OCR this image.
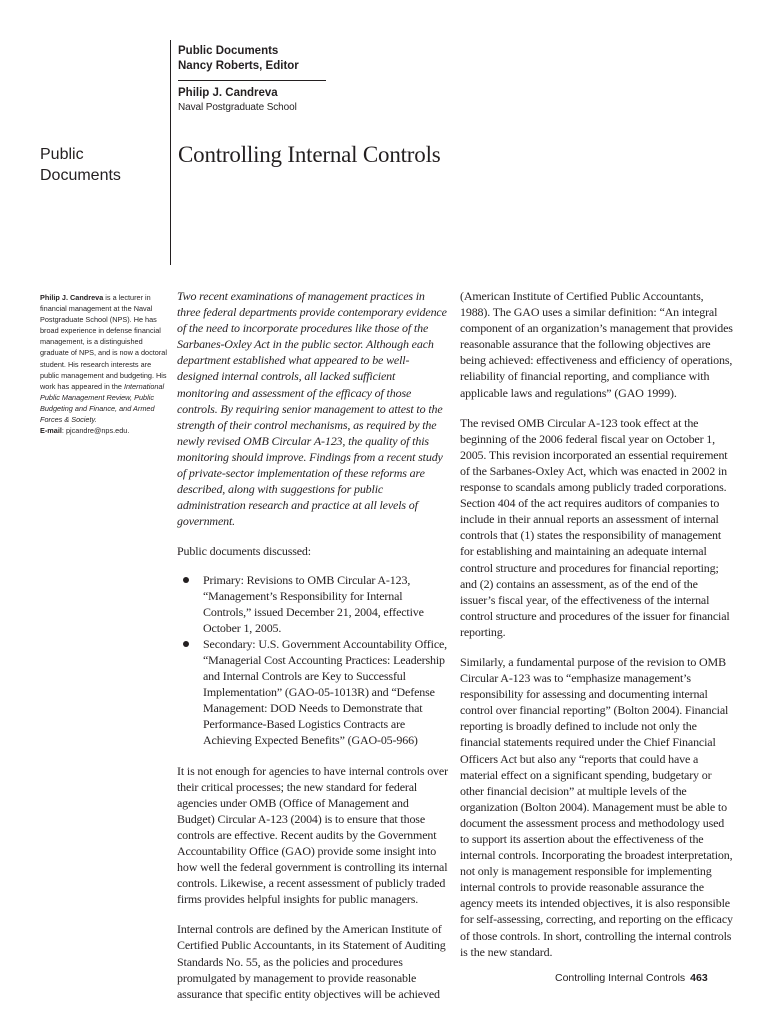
Public Documents

Nancy Roberts, Editor

Philip J. Candreva

Naval Postgraduate School

Public
Documents

Controlling Internal Controls

Philip J. Candreva is a lecturer in financial management at the Naval Postgraduate School (NPS). He has broad experience in defense financial management, is a distinguished graduate of NPS, and is now a doctoral student. His research interests are public management and budgeting. His work has appeared in the International Public Management Review, Public Budgeting and Finance, and Armed Forces & Society.
E-mail: pjcandre@nps.edu.

Two recent examinations of management practices in three federal departments provide contemporary evidence of the need to incorporate procedures like those of the Sarbanes-Oxley Act in the public sector. Although each department established what appeared to be well-designed internal controls, all lacked sufficient monitoring and assessment of the efficacy of those controls. By requiring senior management to attest to the strength of their control mechanisms, as required by the newly revised OMB Circular A-123, the quality of this monitoring should improve. Findings from a recent study of private-sector implementation of these reforms are described, along with suggestions for public administration research and practice at all levels of government.

Public documents discussed:

Primary: Revisions to OMB Circular A-123, “Management’s Responsibility for Internal Controls,” issued December 21, 2004, effective October 1, 2005.
Secondary: U.S. Government Accountability Office, “Managerial Cost Accounting Practices: Leadership and Internal Controls are Key to Successful Implementation” (GAO-05-1013R) and “Defense Management: DOD Needs to Demonstrate that Performance-Based Logistics Contracts are Achieving Expected Benefits” (GAO-05-966)

It is not enough for agencies to have internal controls over their critical processes; the new standard for federal agencies under OMB (Office of Management and Budget) Circular A-123 (2004) is to ensure that those controls are effective. Recent audits by the Government Accountability Office (GAO) provide some insight into how well the federal government is controlling its internal controls. Likewise, a recent assessment of publicly traded firms provides helpful insights for public managers.

Internal controls are defined by the American Institute of Certified Public Accountants, in its Statement of Auditing Standards No. 55, as the policies and procedures promulgated by management to provide reasonable assurance that specific entity objectives will be achieved

(American Institute of Certified Public Accountants, 1988). The GAO uses a similar definition: “An integral component of an organization’s management that provides reasonable assurance that the following objectives are being achieved: effectiveness and efficiency of operations, reliability of financial reporting, and compliance with applicable laws and regulations” (GAO 1999).

The revised OMB Circular A-123 took effect at the beginning of the 2006 federal fiscal year on October 1, 2005. This revision incorporated an essential requirement of the Sarbanes-Oxley Act, which was enacted in 2002 in response to scandals among publicly traded corporations. Section 404 of the act requires auditors of companies to include in their annual reports an assessment of internal controls that (1) states the responsibility of management for establishing and maintaining an adequate internal control structure and procedures for financial reporting; and (2) contains an assessment, as of the end of the issuer’s fiscal year, of the effectiveness of the internal control structure and procedures of the issuer for financial reporting.

Similarly, a fundamental purpose of the revision to OMB Circular A-123 was to “emphasize management’s responsibility for assessing and documenting internal control over financial reporting” (Bolton 2004). Financial reporting is broadly defined to include not only the financial statements required under the Chief Financial Officers Act but also any “reports that could have a material effect on a significant spending, budgetary or other financial decision” at multiple levels of the organization (Bolton 2004). Management must be able to document the assessment process and methodology used to support its assertion about the effectiveness of the internal controls. Incorporating the broadest interpretation, not only is management responsible for implementing internal controls to provide reasonable assurance the agency meets its intended objectives, it is also responsible for self-assessing, correcting, and reporting on the efficacy of those controls. In short, controlling the internal controls is the new standard.

Controlling Internal Controls 463
